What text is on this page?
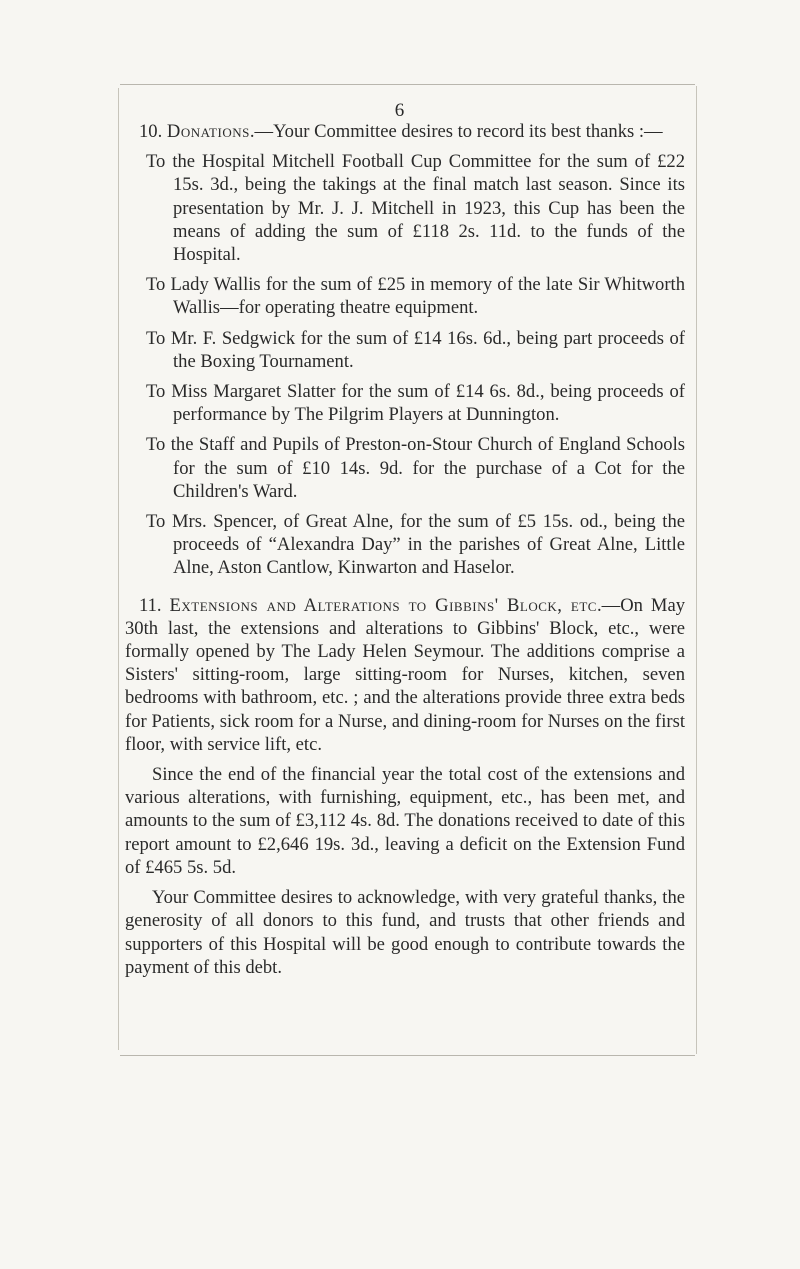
6

10. Donations.—Your Committee desires to record its best thanks :—

To the Hospital Mitchell Football Cup Committee for the sum of £22 15s. 3d., being the takings at the final match last season. Since its presentation by Mr. J. J. Mitchell in 1923, this Cup has been the means of adding the sum of £118 2s. 11d. to the funds of the Hospital.

To Lady Wallis for the sum of £25 in memory of the late Sir Whitworth Wallis—for operating theatre equipment.

To Mr. F. Sedgwick for the sum of £14 16s. 6d., being part proceeds of the Boxing Tournament.

To Miss Margaret Slatter for the sum of £14 6s. 8d., being proceeds of performance by The Pilgrim Players at Dunnington.

To the Staff and Pupils of Preston-on-Stour Church of England Schools for the sum of £10 14s. 9d. for the purchase of a Cot for the Children's Ward.

To Mrs. Spencer, of Great Alne, for the sum of £5 15s. od., being the proceeds of “Alexandra Day” in the parishes of Great Alne, Little Alne, Aston Cantlow, Kinwarton and Haselor.

11. Extensions and Alterations to Gibbins' Block, etc.—On May 30th last, the extensions and alterations to Gibbins' Block, etc., were formally opened by The Lady Helen Seymour. The additions comprise a Sisters' sitting-room, large sitting-room for Nurses, kitchen, seven bedrooms with bathroom, etc. ; and the alterations provide three extra beds for Patients, sick room for a Nurse, and dining-room for Nurses on the first floor, with service lift, etc.

Since the end of the financial year the total cost of the extensions and various alterations, with furnishing, equipment, etc., has been met, and amounts to the sum of £3,112 4s. 8d. The donations received to date of this report amount to £2,646 19s. 3d., leaving a deficit on the Extension Fund of £465 5s. 5d.

Your Committee desires to acknowledge, with very grateful thanks, the generosity of all donors to this fund, and trusts that other friends and supporters of this Hospital will be good enough to contribute towards the payment of this debt.
